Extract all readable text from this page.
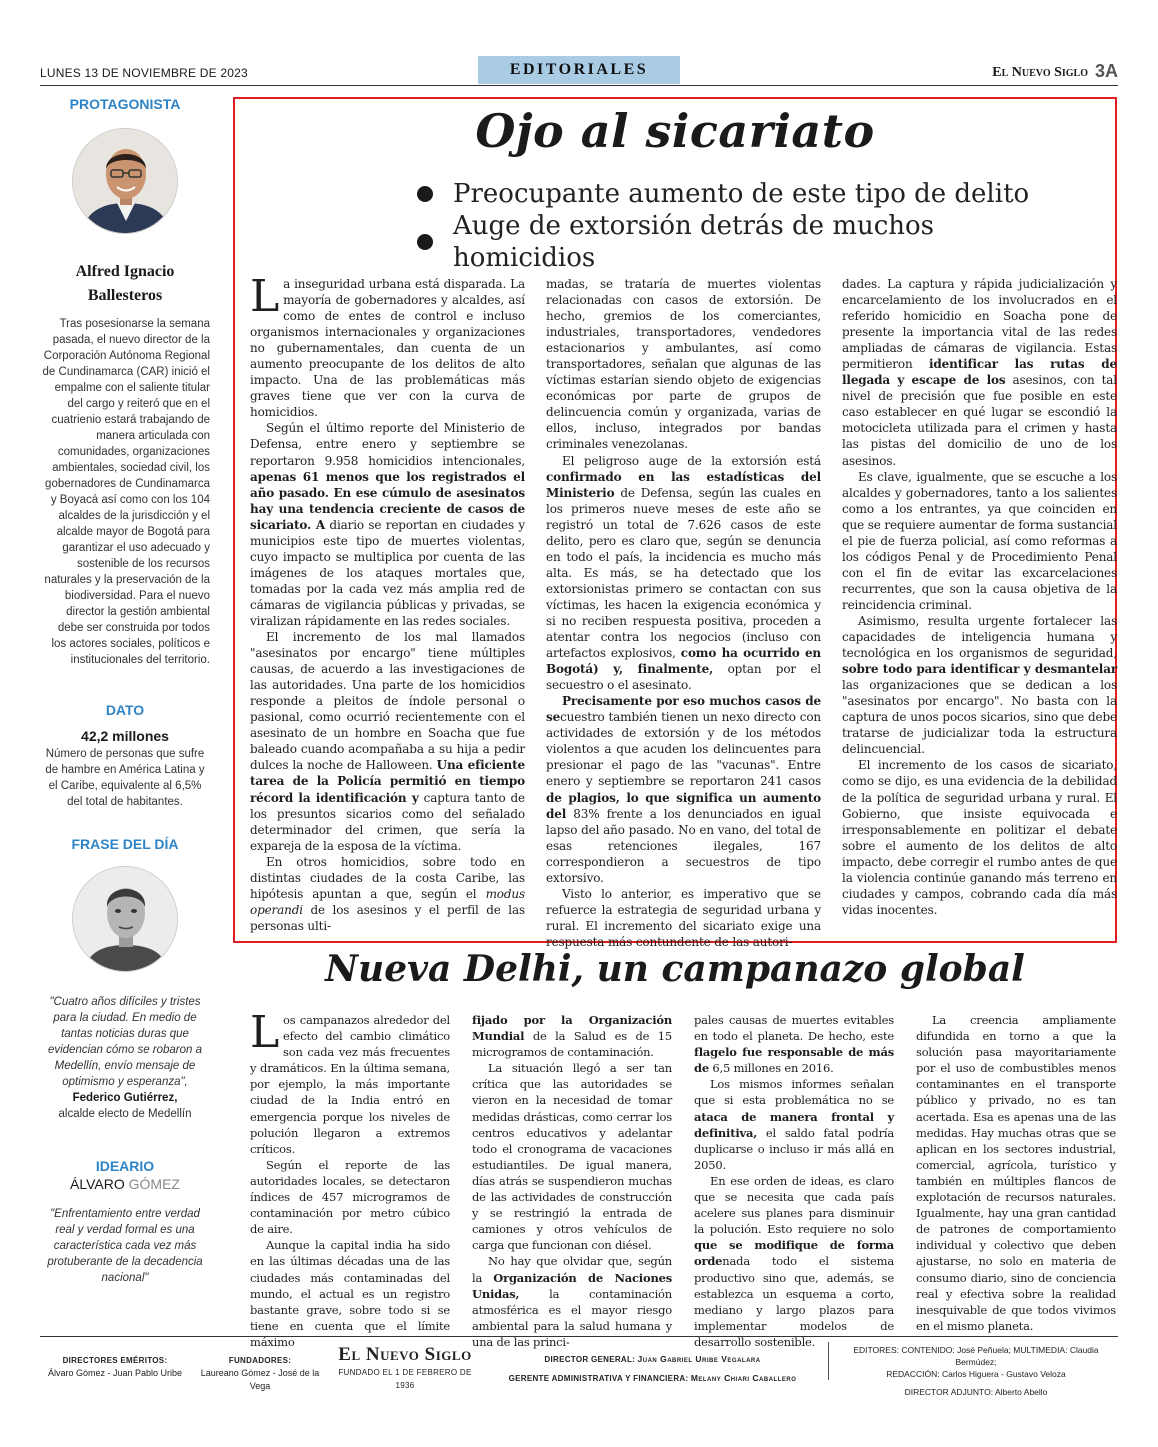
LUNES 13 DE NOVIEMBRE DE 2023	EDITORIALES	El Nuevo Siglo 3A
PROTAGONISTA
Alfred Ignacio
Ballesteros
Tras posesionarse la semana pasada, el nuevo director de la Corporación Autónoma Regional de Cundinamarca (CAR) inició el empalme con el saliente titular del cargo y reiteró que en el cuatrienio estará trabajando de manera articulada con comunidades, organizaciones ambientales, sociedad civil, los gobernadores de Cundinamarca y Boyacá así como con los 104 alcaldes de la jurisdicción y el alcalde mayor de Bogotá para garantizar el uso adecuado y sostenible de los recursos naturales y la preservación de la biodiversidad. Para el nuevo director la gestión ambiental debe ser construida por todos los actores sociales, políticos e institucionales del territorio.
DATO
42,2 millones
Número de personas que sufre de hambre en América Latina y el Caribe, equivalente al 6,5% del total de habitantes.
FRASE DEL DÍA
"Cuatro años difíciles y tristes para la ciudad. En medio de tantas noticias duras que evidencian cómo se robaron a Medellín, envío mensaje de optimismo y esperanza",
Federico Gutiérrez,
alcalde electo de Medellín
IDEARIO
ÁLVARO GÓMEZ
"Enfrentamiento entre verdad real y verdad formal es una característica cada vez más protuberante de la decadencia nacional"
Ojo al sicariato
Preocupante aumento de este tipo de delito
Auge de extorsión detrás de muchos homicidios

La inseguridad urbana está disparada. La mayoría de gobernadores y alcaldes, así como de entes de control e incluso organismos internacionales y organizaciones no gubernamentales, dan cuenta de un aumento preocupante de los delitos de alto impacto. Una de las problemáticas más graves tiene que ver con la curva de homicidios.

Según el último reporte del Ministerio de Defensa, entre enero y septiembre se reportaron 9.958 homicidios intencionales, apenas 61 menos que los registrados el año pasado. En ese cúmulo de asesinatos hay una tendencia creciente de casos de sicariato. A diario se reportan en ciudades y municipios este tipo de muertes violentas, cuyo impacto se multiplica por cuenta de las imágenes de los ataques mortales que, tomadas por la cada vez más amplia red de cámaras de vigilancia públicas y privadas, se viralizan rápidamente en las redes sociales.

El incremento de los mal llamados "asesinatos por encargo" tiene múltiples causas, de acuerdo a las investigaciones de las autoridades. Una parte de los homicidios responde a pleitos de índole personal o pasional, como ocurrió recientemente con el asesinato de un hombre en Soacha que fue baleado cuando acompañaba a su hija a pedir dulces la noche de Halloween. Una eficiente tarea de la Policía permitió en tiempo récord la identificación y captura tanto de los presuntos sicarios como del señalado determinador del crimen, que sería la expareja de la esposa de la víctima.

En otros homicidios, sobre todo en distintas ciudades de la costa Caribe, las hipótesis apuntan a que, según el modus operandi de los asesinos y el perfil de las personas ulti-

madas, se trataría de muertes violentas relacionadas con casos de extorsión. De hecho, gremios de los comerciantes, industriales, transportadores, vendedores estacionarios y ambulantes, así como transportadores, señalan que algunas de las víctimas estarían siendo objeto de exigencias económicas por parte de grupos de delincuencia común y organizada, varias de ellos, incluso, integrados por bandas criminales venezolanas.

El peligroso auge de la extorsión está confirmado en las estadísticas del Ministerio de Defensa, según las cuales en los primeros nueve meses de este año se registró un total de 7.626 casos de este delito, pero es claro que, según se denuncia en todo el país, la incidencia es mucho más alta. Es más, se ha detectado que los extorsionistas primero se contactan con sus víctimas, les hacen la exigencia económica y si no reciben respuesta positiva, proceden a atentar contra los negocios (incluso con artefactos explosivos, como ha ocurrido en Bogotá) y, finalmente, optan por el secuestro o el asesinato.

Precisamente por eso muchos casos de secuestro también tienen un nexo directo con actividades de extorsión y de los métodos violentos a que acuden los delincuentes para presionar el pago de las "vacunas". Entre enero y septiembre se reportaron 241 casos de plagios, lo que significa un aumento del 83% frente a los denunciados en igual lapso del año pasado. No en vano, del total de esas retenciones ilegales, 167 correspondieron a secuestros de tipo extorsivo.

Visto lo anterior, es imperativo que se refuerce la estrategia de seguridad urbana y rural. El incremento del sicariato exige una respuesta más contundente de las autori-

dades. La captura y rápida judicialización y encarcelamiento de los involucrados en el referido homicidio en Soacha pone de presente la importancia vital de las redes ampliadas de cámaras de vigilancia. Estas permitieron identificar las rutas de llegada y escape de los asesinos, con tal nivel de precisión que fue posible en este caso establecer en qué lugar se escondió la motocicleta utilizada para el crimen y hasta las pistas del domicilio de uno de los asesinos.

Es clave, igualmente, que se escuche a los alcaldes y gobernadores, tanto a los salientes como a los entrantes, ya que coinciden en que se requiere aumentar de forma sustancial el pie de fuerza policial, así como reformas a los códigos Penal y de Procedimiento Penal con el fin de evitar las excarcelaciones recurrentes, que son la causa objetiva de la reincidencia criminal.

Asimismo, resulta urgente fortalecer las capacidades de inteligencia humana y tecnológica en los organismos de seguridad, sobre todo para identificar y desmantelar las organizaciones que se dedican a los "asesinatos por encargo". No basta con la captura de unos pocos sicarios, sino que debe tratarse de judicializar toda la estructura delincuencial.

El incremento de los casos de sicariato, como se dijo, es una evidencia de la debilidad de la política de seguridad urbana y rural. El Gobierno, que insiste equivocada e irresponsablemente en politizar el debate sobre el aumento de los delitos de alto impacto, debe corregir el rumbo antes de que la violencia continúe ganando más terreno en ciudades y campos, cobrando cada día más vidas inocentes.

Nueva Delhi, un campanazo global

Los campanazos alrededor del efecto del cambio climático son cada vez más frecuentes y dramáticos. En la última semana, por ejemplo, la más importante ciudad de la India entró en emergencia porque los niveles de polución llegaron a extremos críticos.

Según el reporte de las autoridades locales, se detectaron índices de 457 microgramos de contaminación por metro cúbico de aire.

Aunque la capital india ha sido en las últimas décadas una de las ciudades más contaminadas del mundo, el actual es un registro bastante grave, sobre todo si se tiene en cuenta que el límite máximo

fijado por la Organización Mundial de la Salud es de 15 microgramos de contaminación.

La situación llegó a ser tan crítica que las autoridades se vieron en la necesidad de tomar medidas drásticas, como cerrar los centros educativos y adelantar todo el cronograma de vacaciones estudiantiles. De igual manera, días atrás se suspendieron muchas de las actividades de construcción y se restringió la entrada de camiones y otros vehículos de carga que funcionan con diésel.

No hay que olvidar que, según la Organización de Naciones Unidas, la contaminación atmosférica es el mayor riesgo ambiental para la salud humana y una de las princi-

pales causas de muertes evitables en todo el planeta. De hecho, este flagelo fue responsable de más de 6,5 millones en 2016.

Los mismos informes señalan que si esta problemática no se ataca de manera frontal y definitiva, el saldo fatal podría duplicarse o incluso ir más allá en 2050.

En ese orden de ideas, es claro que se necesita que cada país acelere sus planes para disminuir la polución. Esto requiere no solo que se modifique de forma ordenada todo el sistema productivo sino que, además, se establezca un esquema a corto, mediano y largo plazos para implementar modelos de desarrollo sostenible.

La creencia ampliamente difundida en torno a que la solución pasa mayoritariamente por el uso de combustibles menos contaminantes en el transporte público y privado, no es tan acertada. Esa es apenas una de las medidas. Hay muchas otras que se aplican en los sectores industrial, comercial, agrícola, turístico y también en múltiples flancos de explotación de recursos naturales. Igualmente, hay una gran cantidad de patrones de comportamiento individual y colectivo que deben ajustarse, no solo en materia de consumo diario, sino de conciencia real y efectiva sobre la realidad inesquivable de que todos vivimos en el mismo planeta.

DIRECTORES EMÉRITOS:
Álvaro Gómez - Juan Pablo Uribe
FUNDADORES:
Laureano Gómez - José de la Vega
El Nuevo Siglo
FUNDADO EL 1 DE FEBRERO DE 1936
DIRECTOR GENERAL: Juan Gabriel Uribe Vegalara
GERENTE ADMINISTRATIVA Y FINANCIERA: Melany Chiari Caballero
EDITORES: CONTENIDO: José Peñuela; MULTIMEDIA: Claudia Bermúdez;
REDACCIÓN: Carlos Higuera - Gustavo Veloza
DIRECTOR ADJUNTO: Alberto Abello
